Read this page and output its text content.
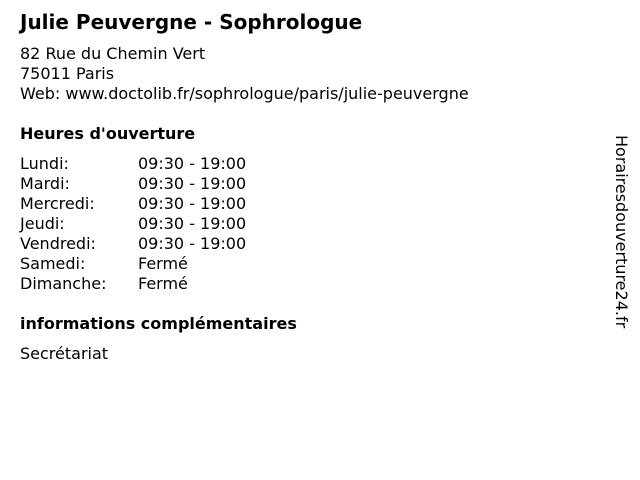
Julie Peuvergne - Sophrologue
82 Rue du Chemin Vert
75011 Paris
Web: www.doctolib.fr/sophrologue/paris/julie-peuvergne
Heures d'ouverture
Lundi:	09:30 - 19:00
Mardi:	09:30 - 19:00
Mercredi:	09:30 - 19:00
Jeudi:	09:30 - 19:00
Vendredi:	09:30 - 19:00
Samedi:	Fermé
Dimanche:	Fermé
informations complémentaires
Secrétariat
Horairesdouverture24.fr
